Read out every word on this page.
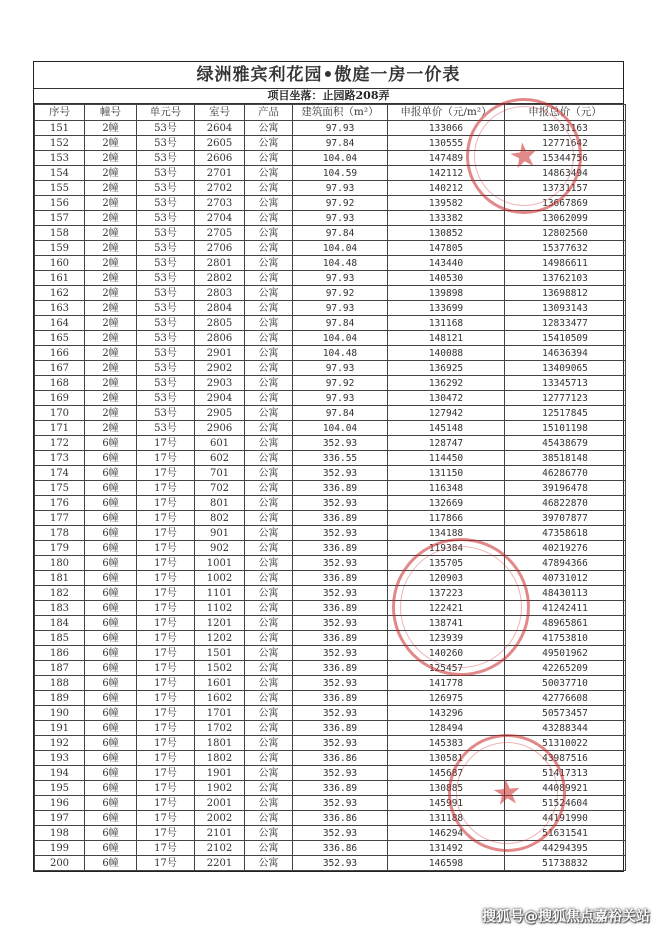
绿洲雅宾利花园•傲庭一房一价表
项目坐落：止园路208弄
序号	幢号	单元号	室号	产品	建筑面积（m²）	申报单价（元/m²）	申报总价（元）
151	2幢	53号	2604	公寓	97.93	133066	13031163
152	2幢	53号	2605	公寓	97.84	130555	12771642
153	2幢	53号	2606	公寓	104.04	147489	15344756
154	2幢	53号	2701	公寓	104.59	142112	14863494
155	2幢	53号	2702	公寓	97.93	140212	13731157
156	2幢	53号	2703	公寓	97.92	139582	13667869
157	2幢	53号	2704	公寓	97.93	133382	13062099
158	2幢	53号	2705	公寓	97.84	130852	12802560
159	2幢	53号	2706	公寓	104.04	147805	15377632
160	2幢	53号	2801	公寓	104.48	143440	14986611
161	2幢	53号	2802	公寓	97.93	140530	13762103
162	2幢	53号	2803	公寓	97.92	139898	13698812
163	2幢	53号	2804	公寓	97.93	133699	13093143
164	2幢	53号	2805	公寓	97.84	131168	12833477
165	2幢	53号	2806	公寓	104.04	148121	15410509
166	2幢	53号	2901	公寓	104.48	140088	14636394
167	2幢	53号	2902	公寓	97.93	136925	13409065
168	2幢	53号	2903	公寓	97.92	136292	13345713
169	2幢	53号	2904	公寓	97.93	130472	12777123
170	2幢	53号	2905	公寓	97.84	127942	12517845
171	2幢	53号	2906	公寓	104.04	145148	15101198
172	6幢	17号	601	公寓	352.93	128747	45438679
173	6幢	17号	602	公寓	336.55	114450	38518148
174	6幢	17号	701	公寓	352.93	131150	46286770
175	6幢	17号	702	公寓	336.89	116348	39196478
176	6幢	17号	801	公寓	352.93	132669	46822870
177	6幢	17号	802	公寓	336.89	117866	39707877
178	6幢	17号	901	公寓	352.93	134188	47358618
179	6幢	17号	902	公寓	336.89	119384	40219276
180	6幢	17号	1001	公寓	352.93	135705	47894366
181	6幢	17号	1002	公寓	336.89	120903	40731012
182	6幢	17号	1101	公寓	352.93	137223	48430113
183	6幢	17号	1102	公寓	336.89	122421	41242411
184	6幢	17号	1201	公寓	352.93	138741	48965861
185	6幢	17号	1202	公寓	336.89	123939	41753810
186	6幢	17号	1501	公寓	352.93	140260	49501962
187	6幢	17号	1502	公寓	336.89	125457	42265209
188	6幢	17号	1601	公寓	352.93	141778	50037710
189	6幢	17号	1602	公寓	336.89	126975	42776608
190	6幢	17号	1701	公寓	352.93	143296	50573457
191	6幢	17号	1702	公寓	336.89	128494	43288344
192	6幢	17号	1801	公寓	352.93	145383	51310022
193	6幢	17号	1802	公寓	336.86	130581	43987516
194	6幢	17号	1901	公寓	352.93	145687	51417313
195	6幢	17号	1902	公寓	336.89	130885	44089921
196	6幢	17号	2001	公寓	352.93	145991	51524604
197	6幢	17号	2002	公寓	336.86	131188	44191990
198	6幢	17号	2101	公寓	352.93	146294	51631541
199	6幢	17号	2102	公寓	336.86	131492	44294395
200	6幢	17号	2201	公寓	352.93	146598	51738832
★
★
搜狐号@搜狐焦点嘉裕关站
